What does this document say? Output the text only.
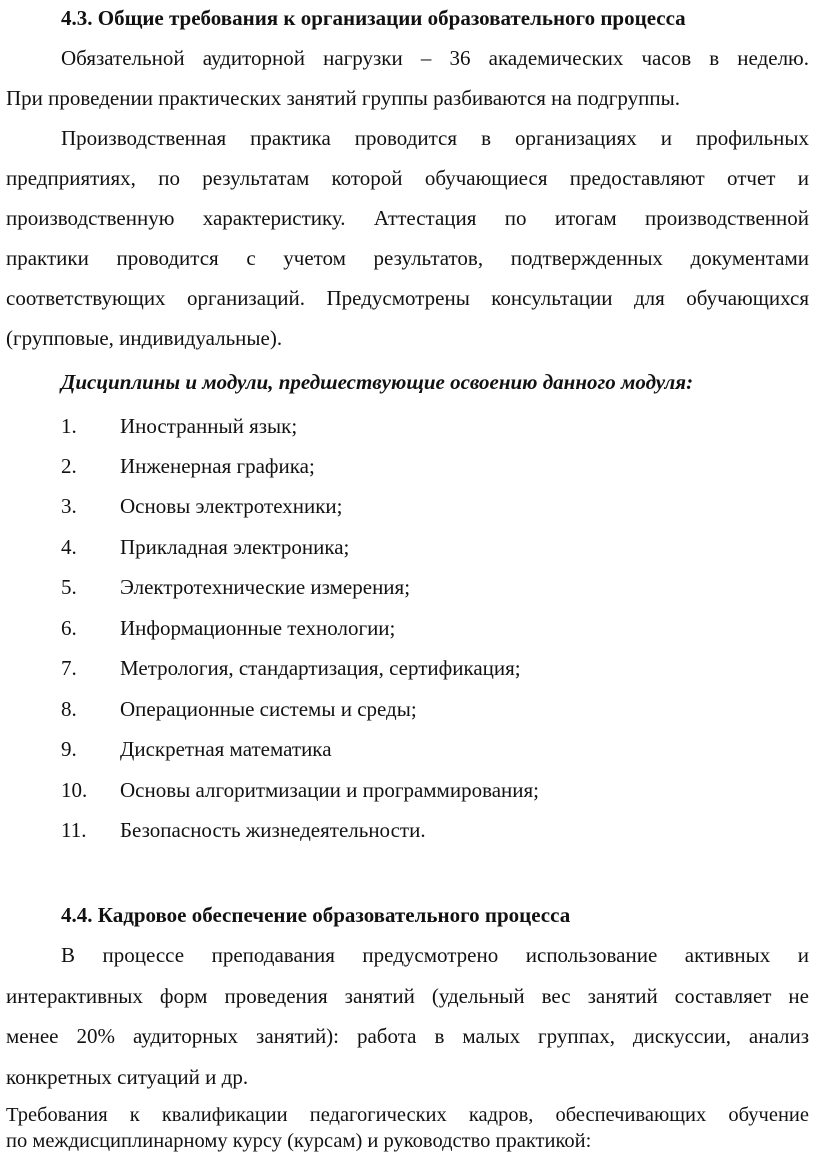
4.3. Общие требования к организации образовательного процесса
Обязательной аудиторной нагрузки – 36 академических часов в неделю.
При проведении практических занятий группы разбиваются на подгруппы.
Производственная практика проводится в организациях и профильных
предприятиях, по результатам которой обучающиеся предоставляют отчет и
производственную характеристику. Аттестация по итогам производственной
практики проводится с учетом результатов, подтвержденных документами
соответствующих организаций. Предусмотрены консультации для обучающихся
(групповые, индивидуальные).
Дисциплины и модули, предшествующие освоению данного модуля:
1. Иностранный язык;
2. Инженерная графика;
3. Основы электротехники;
4. Прикладная электроника;
5. Электротехнические измерения;
6. Информационные технологии;
7. Метрология, стандартизация, сертификация;
8. Операционные системы и среды;
9. Дискретная математика
10. Основы алгоритмизации и программирования;
11. Безопасность жизнедеятельности.
4.4. Кадровое обеспечение образовательного процесса
В процессе преподавания предусмотрено использование активных и
интерактивных форм проведения занятий (удельный вес занятий составляет не
менее 20% аудиторных занятий): работа в малых группах, дискуссии, анализ
конкретных ситуаций и др.
Требования к квалификации педагогических кадров, обеспечивающих обучение
по междисциплинарному курсу (курсам) и руководство практикой:
